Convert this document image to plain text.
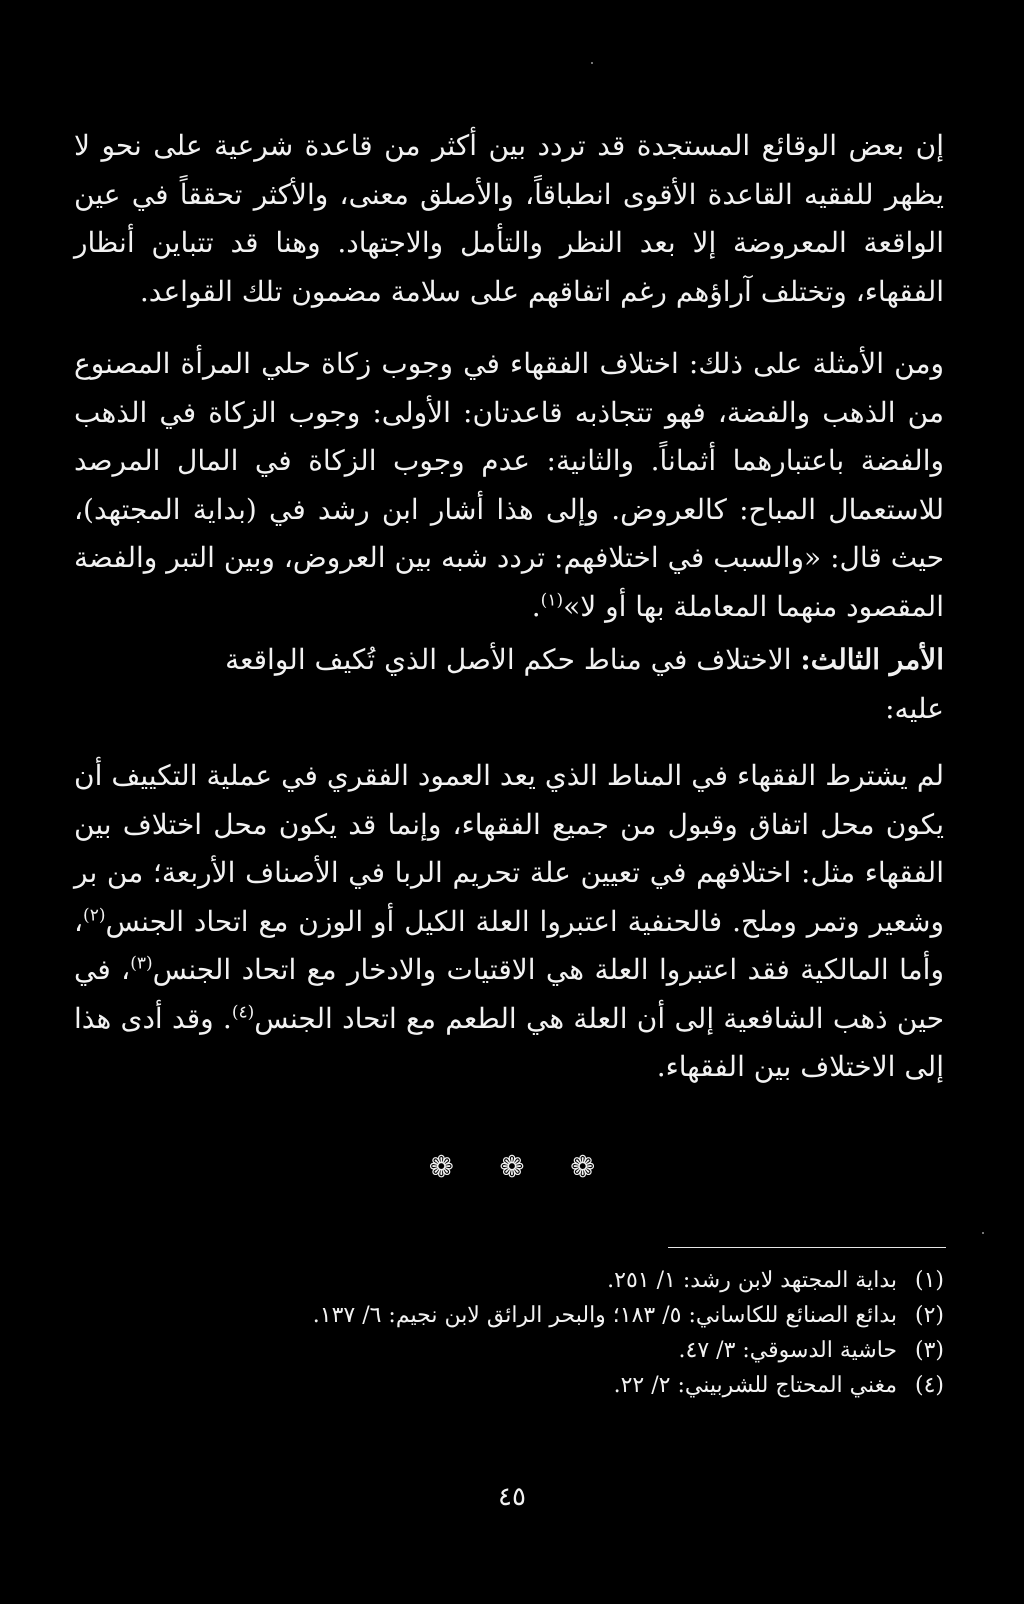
إن بعض الوقائع المستجدة قد تردد بين أكثر من قاعدة شرعية على نحو لا يظهر للفقيه القاعدة الأقوى انطباقاً، والأصلق معنى، والأكثر تحققاً في عين الواقعة المعروضة إلا بعد النظر والتأمل والاجتهاد. وهنا قد تتباين أنظار الفقهاء، وتختلف آراؤهم رغم اتفاقهم على سلامة مضمون تلك القواعد.

ومن الأمثلة على ذلك: اختلاف الفقهاء في وجوب زكاة حلي المرأة المصنوع من الذهب والفضة، فهو تتجاذبه قاعدتان: الأولى: وجوب الزكاة في الذهب والفضة باعتبارهما أثماناً. والثانية: عدم وجوب الزكاة في المال المرصد للاستعمال المباح: كالعروض. وإلى هذا أشار ابن رشد في (بداية المجتهد)، حيث قال: «والسبب في اختلافهم: تردد شبه بين العروض، وبين التبر والفضة المقصود منهما المعاملة بها أو لا»$^{(١)}$.

الأمر الثالث: الاختلاف في مناط حكم الأصل الذي تُكيف الواقعة
عليه:

لم يشترط الفقهاء في المناط الذي يعد العمود الفقري في عملية التكييف أن يكون محل اتفاق وقبول من جميع الفقهاء، وإنما قد يكون محل اختلاف بين الفقهاء مثل: اختلافهم في تعيين علة تحريم الربا في الأصناف الأربعة؛ من بر وشعير وتمر وملح. فالحنفية اعتبروا العلة الكيل أو الوزن مع اتحاد الجنس$^{(٢)}$، وأما المالكية فقد اعتبروا العلة هي الاقتيات والادخار مع اتحاد الجنس$^{(٣)}$، في حين ذهب الشافعية إلى أن العلة هي الطعم مع اتحاد الجنس$^{(٤)}$. وقد أدى هذا إلى الاختلاف بين الفقهاء.

❁ ❁ ❁
(١) بداية المجتهد لابن رشد: ١/ ٢٥١.
(٢) بدائع الصنائع للكاساني: ٥/ ١٨٣؛ والبحر الرائق لابن نجيم: ٦/ ١٣٧.
(٣) حاشية الدسوقي: ٣/ ٤٧.
(٤) مغني المحتاج للشربيني: ٢/ ٢٢.
٤٥
